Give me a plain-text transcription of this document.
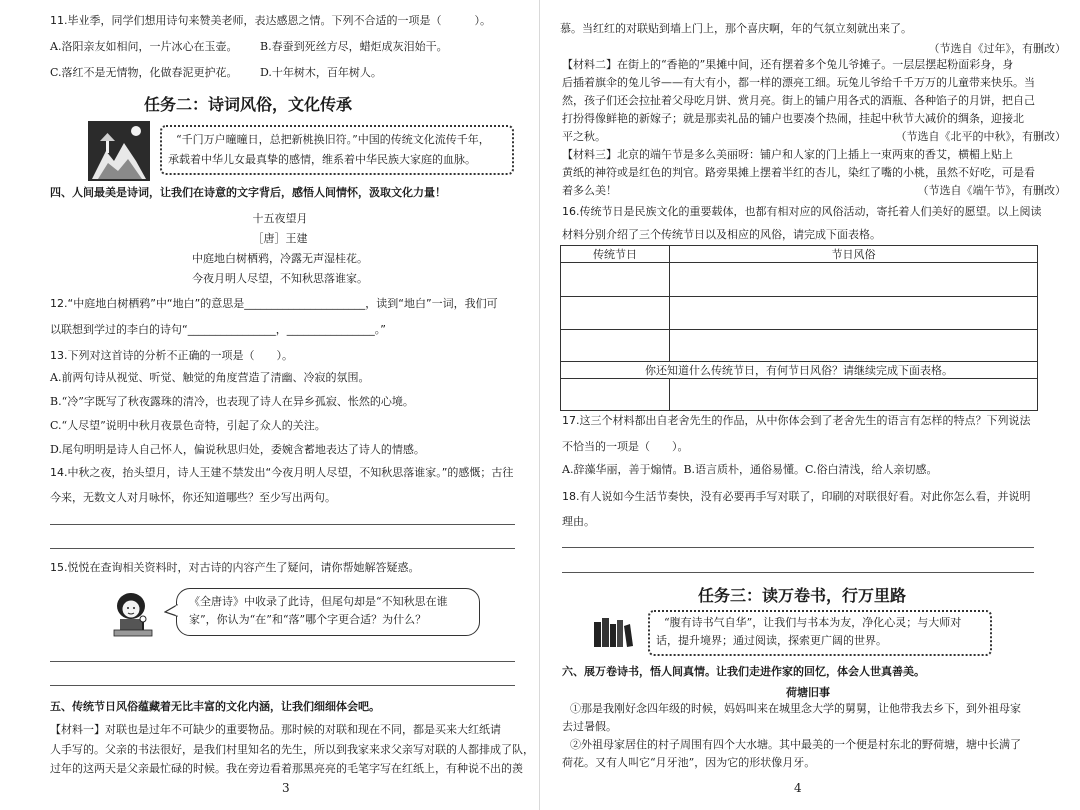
11.毕业季，同学们想用诗句来赞美老师，表达感恩之情。下列不合适的一项是（　　　）。
A.洛阳亲友如相问，一片冰心在玉壶。 B.春蚕到死丝方尽，蜡炬成灰泪始干。
C.落红不是无情物，化做春泥更护花。 D.十年树木，百年树人。
任务二：诗词风俗，文化传承
“千门万户曈曈日，总把新桃换旧符。”中国的传统文化流传千年，
承载着中华儿女最真挚的感情，维系着中华民族大家庭的血脉。
四、人间最美是诗词，让我们在诗意的文字背后，感悟人间情怀，汲取文化力量！
十五夜望月
［唐］王建
中庭地白树栖鸦，冷露无声湿桂花。
今夜月明人尽望，不知秋思落谁家。
12.“中庭地白树栖鸦”中“地白”的意思是______________________，读到“地白”一词，我们可
以联想到学过的李白的诗句“________________，________________。”
13.下列对这首诗的分析不正确的一项是（　　）。
A.前两句诗从视觉、听觉、触觉的角度营造了清幽、冷寂的氛围。
B.“冷”字既写了秋夜露珠的清冷，也表现了诗人在异乡孤寂、怅然的心境。
C.“人尽望”说明中秋月夜景色奇特，引起了众人的关注。
D.尾句明明是诗人自己怀人，偏说秋思归处，委婉含蓄地表达了诗人的情感。
14.中秋之夜，抬头望月，诗人王建不禁发出“今夜月明人尽望，不知秋思落谁家。”的感慨；古往
今来，无数文人对月咏怀，你还知道哪些？至少写出两句。
15.悦悦在查询相关资料时，对古诗的内容产生了疑问，请你帮她解答疑惑。
《全唐诗》中收录了此诗，但尾句却是“不知秋思在谁
家”，你认为“在”和“落”哪个字更合适？为什么？
五、传统节日风俗蕴藏着无比丰富的文化内涵，让我们细细体会吧。
【材料一】对联也是过年不可缺少的重要物品。那时候的对联和现在不同，都是买来大红纸请
人手写的。父亲的书法很好，是我们村里知名的先生，所以到我家来求父亲写对联的人都排成了队，
过年的这两天是父亲最忙碌的时候。我在旁边看着那黑亮亮的毛笔字写在红纸上，有种说不出的羡
3
慕。当红红的对联贴到墙上门上，那个喜庆啊，年的气氛立刻就出来了。
（节选自《过年》，有删改）
【材料二】在街上的“香艳的”果摊中间，还有摆着多个兔儿爷摊子。一层层摆起粉面彩身，身
后插着旗伞的兔儿爷——有大有小，都一样的漂亮工细。玩兔儿爷给千千万万的儿童带来快乐。当
然，孩子们还会拉扯着父母吃月饼、赏月亮。街上的铺户用各式的酒瓶、各种馅子的月饼，把自己
打扮得像鲜艳的新嫁子；就是那卖礼品的铺户也要凑个热闹，挂起中秋节大减价的绸条，迎接北
平之秋。	（节选自《北平的中秋》，有删改）
【材料三】北京的端午节是多么美丽呀：铺户和人家的门上插上一束两束的香艾，横楣上贴上
黄纸的神符或是红色的判官。路旁果摊上摆着半红的杏儿，染红了嘴的小桃，虽然不好吃，可是看
着多么美！	（节选自《端午节》，有删改）
16.传统节日是民族文化的重要载体，也都有相对应的风俗活动，寄托着人们美好的愿望。以上阅读
材料分别介绍了三个传统节日以及相应的风俗，请完成下面表格。
传统节日	节日风俗

你还知道什么传统节日，有何节日风俗？请继续完成下面表格。	

17.这三个材料都出自老舍先生的作品，从中你体会到了老舍先生的语言有怎样的特点？下列说法
不恰当的一项是（　　）。
A.辞藻华丽，善于煽情。B.语言质朴，通俗易懂。C.俗白清浅，给人亲切感。
18.有人说如今生活节奏快，没有必要再手写对联了，印刷的对联很好看。对此你怎么看，并说明
理由。
任务三：读万卷书，行万里路
“腹有诗书气自华”，让我们与书本为友，净化心灵；与大师对
话，提升境界；通过阅读，探索更广阔的世界。
六、展万卷诗书，悟人间真情。让我们走进作家的回忆，体会人世真善美。
荷塘旧事
①那是我刚好念四年级的时候，妈妈叫来在城里念大学的舅舅，让他带我去乡下，到外祖母家
去过暑假。
②外祖母家居住的村子周围有四个大水塘。其中最美的一个便是村东北的野荷塘，塘中长满了
荷花。又有人叫它“月牙池”，因为它的形状像月牙。
4
